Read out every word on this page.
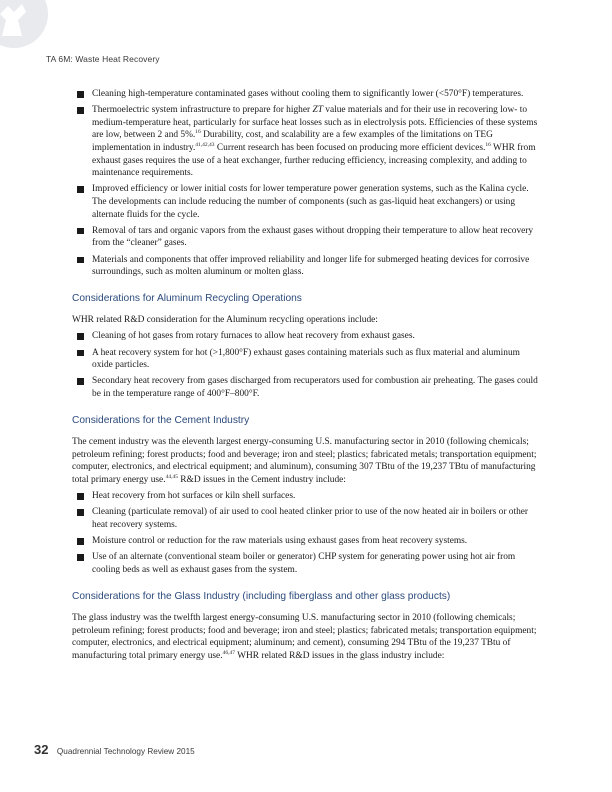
TA 6M: Waste Heat Recovery
Cleaning high-temperature contaminated gases without cooling them to significantly lower (<570°F) temperatures.
Thermoelectric system infrastructure to prepare for higher ZT value materials and for their use in recovering low- to medium-temperature heat, particularly for surface heat losses such as in electrolysis pots. Efficiencies of these systems are low, between 2 and 5%.$^{16}$ Durability, cost, and scalability are a few examples of the limitations on TEG implementation in industry.$^{41,42,43}$ Current research has been focused on producing more efficient devices.$^{16}$ WHR from exhaust gases requires the use of a heat exchanger, further reducing efficiency, increasing complexity, and adding to maintenance requirements.
Improved efficiency or lower initial costs for lower temperature power generation systems, such as the Kalina cycle. The developments can include reducing the number of components (such as gas-liquid heat exchangers) or using alternate fluids for the cycle.
Removal of tars and organic vapors from the exhaust gases without dropping their temperature to allow heat recovery from the “cleaner” gases.
Materials and components that offer improved reliability and longer life for submerged heating devices for corrosive surroundings, such as molten aluminum or molten glass.
Considerations for Aluminum Recycling Operations

WHR related R&D consideration for the Aluminum recycling operations include:

Cleaning of hot gases from rotary furnaces to allow heat recovery from exhaust gases.
A heat recovery system for hot (>1,800°F) exhaust gases containing materials such as flux material and aluminum oxide particles.
Secondary heat recovery from gases discharged from recuperators used for combustion air preheating. The gases could be in the temperature range of 400°F–800°F.
Considerations for the Cement Industry

The cement industry was the eleventh largest energy-consuming U.S. manufacturing sector in 2010 (following chemicals; petroleum refining; forest products; food and beverage; iron and steel; plastics; fabricated metals; transportation equipment; computer, electronics, and electrical equipment; and aluminum), consuming 307 TBtu of the 19,237 TBtu of manufacturing total primary energy use.$^{44,45}$ R&D issues in the Cement industry include:

Heat recovery from hot surfaces or kiln shell surfaces.
Cleaning (particulate removal) of air used to cool heated clinker prior to use of the now heated air in boilers or other heat recovery systems.
Moisture control or reduction for the raw materials using exhaust gases from heat recovery systems.
Use of an alternate (conventional steam boiler or generator) CHP system for generating power using hot air from cooling beds as well as exhaust gases from the system.
Considerations for the Glass Industry (including fiberglass and other glass products)

The glass industry was the twelfth largest energy-consuming U.S. manufacturing sector in 2010 (following chemicals; petroleum refining; forest products; food and beverage; iron and steel; plastics; fabricated metals; transportation equipment; computer, electronics, and electrical equipment; aluminum; and cement), consuming 294 TBtu of the 19,237 TBtu of manufacturing total primary energy use.$^{46,47}$ WHR related R&D issues in the glass industry include:

32 Quadrennial Technology Review 2015
